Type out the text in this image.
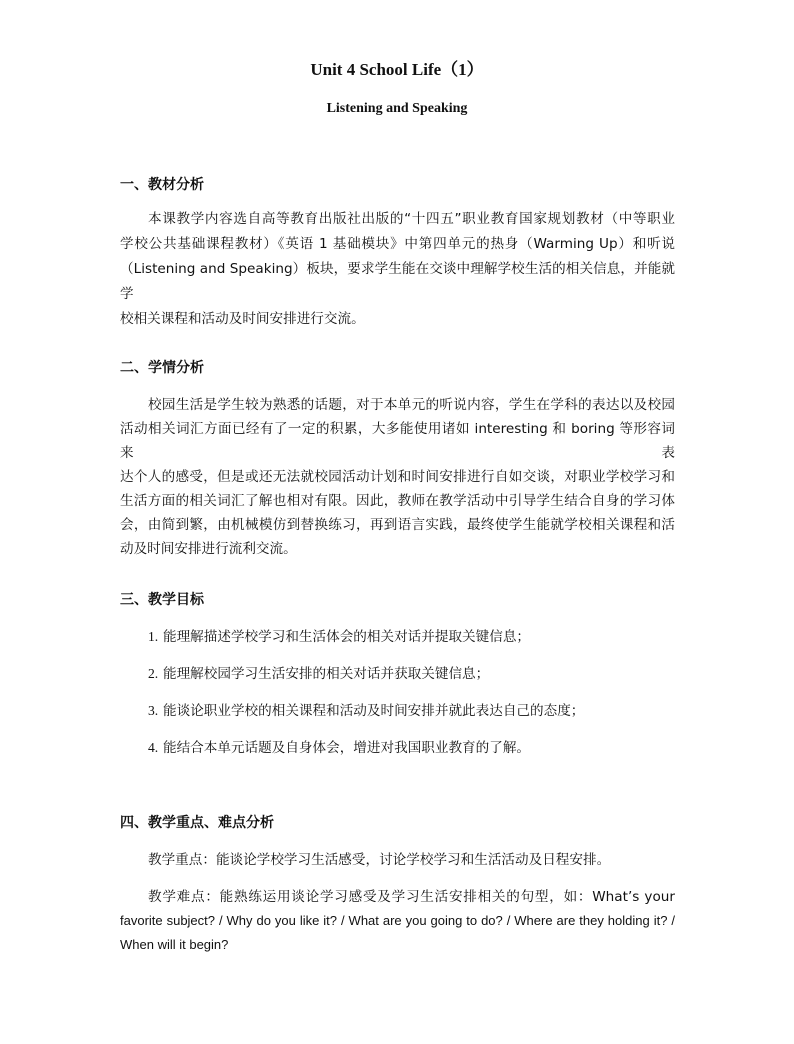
Unit 4 School Life（1）
Listening and Speaking
一、教材分析
本课教学内容选自高等教育出版社出版的“十四五”职业教育国家规划教材（中等职业
学校公共基础课程教材）《英语 1 基础模块》中第四单元的热身（Warming Up）和听说
（Listening and Speaking）板块，要求学生能在交谈中理解学校生活的相关信息，并能就学
校相关课程和活动及时间安排进行交流。
二、学情分析
校园生活是学生较为熟悉的话题，对于本单元的听说内容，学生在学科的表达以及校园
活动相关词汇方面已经有了一定的积累，大多能使用诸如 interesting 和 boring 等形容词来表
达个人的感受，但是或还无法就校园活动计划和时间安排进行自如交谈，对职业学校学习和
生活方面的相关词汇了解也相对有限。因此，教师在教学活动中引导学生结合自身的学习体
会，由简到繁，由机械模仿到替换练习，再到语言实践，最终使学生能就学校相关课程和活
动及时间安排进行流利交流。
三、教学目标
1. 能理解描述学校学习和生活体会的相关对话并提取关键信息；
2. 能理解校园学习生活安排的相关对话并获取关键信息；
3. 能谈论职业学校的相关课程和活动及时间安排并就此表达自己的态度；
4. 能结合本单元话题及自身体会，增进对我国职业教育的了解。
四、教学重点、难点分析
教学重点：能谈论学校学习生活感受，讨论学校学习和生活活动及日程安排。
教学难点：能熟练运用谈论学习感受及学习生活安排相关的句型，如：What’s your
favorite subject? / Why do you like it? / What are you going to do? / Where are they holding it? /
When will it begin?
